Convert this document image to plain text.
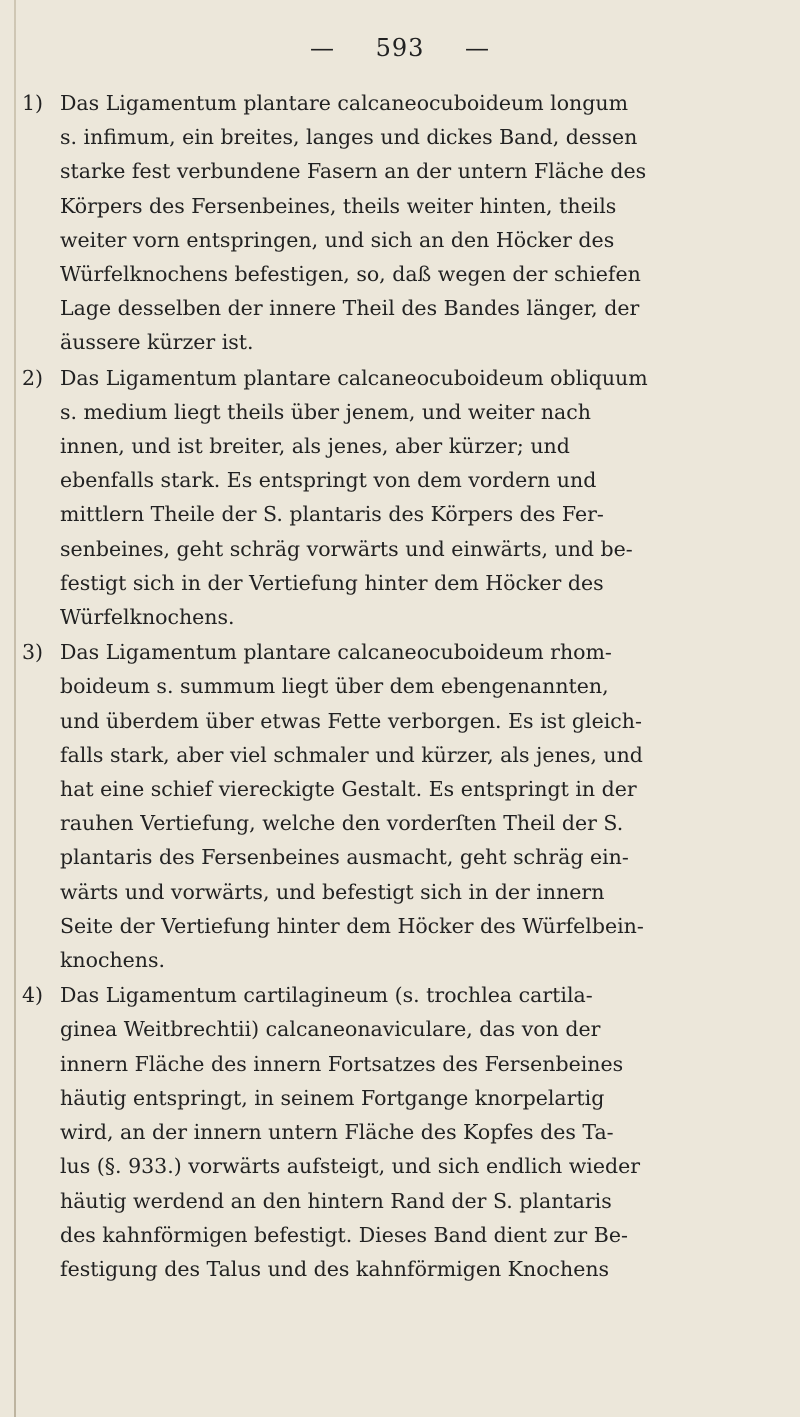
— 593 —
1) Das Ligamentum plantare calcaneocuboideum longum
s. infimum, ein breites, langes und dickes Band, dessen
starke fest verbundene Fasern an der untern Fläche des
Körpers des Fersenbeines, theils weiter hinten, theils
weiter vorn entspringen, und sich an den Höcker des
Würfelknochens befestigen, so, daß wegen der schiefen
Lage desselben der innere Theil des Bandes länger, der
äussere kürzer ist.
2) Das Ligamentum plantare calcaneocuboideum obliquum
s. medium liegt theils über jenem, und weiter nach
innen, und ist breiter, als jenes, aber kürzer; und
ebenfalls stark. Es entspringt von dem vordern und
mittlern Theile der S. plantaris des Körpers des Fer-
senbeines, geht schräg vorwärts und einwärts, und be-
festigt sich in der Vertiefung hinter dem Höcker des
Würfelknochens.
3) Das Ligamentum plantare calcaneocuboideum rhom-
boideum s. summum liegt über dem ebengenannten,
und überdem über etwas Fette verborgen. Es ist gleich-
falls stark, aber viel schmaler und kürzer, als jenes, und
hat eine schief viereckigte Gestalt. Es entspringt in der
rauhen Vertiefung, welche den vorderſten Theil der S.
plantaris des Fersenbeines ausmacht, geht schräg ein-
wärts und vorwärts, und befestigt sich in der innern
Seite der Vertiefung hinter dem Höcker des Würfelbein-
knochens.
4) Das Ligamentum cartilagineum (s. trochlea cartila-
ginea Weitbrechtii) calcaneonaviculare, das von der
innern Fläche des innern Fortsatzes des Fersenbeines
häutig entspringt, in seinem Fortgange knorpelartig
wird, an der innern untern Fläche des Kopfes des Ta-
lus (§. 933.) vorwärts aufsteigt, und sich endlich wieder
häutig werdend an den hintern Rand der S. plantaris
des kahnförmigen befestigt. Dieses Band dient zur Be-
festigung des Talus und des kahnförmigen Knochens
